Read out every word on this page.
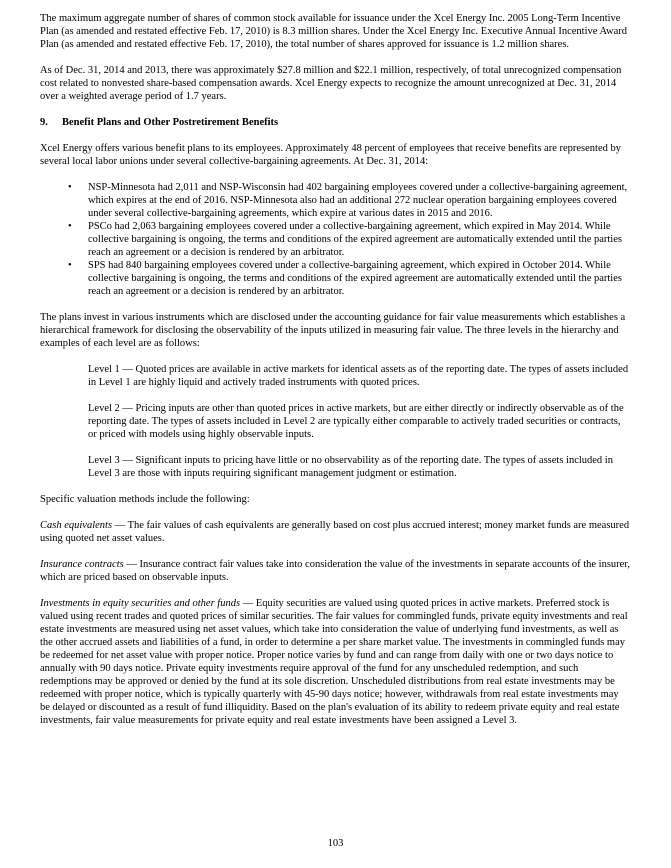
The maximum aggregate number of shares of common stock available for issuance under the Xcel Energy Inc. 2005 Long-Term Incentive Plan (as amended and restated effective Feb. 17, 2010) is 8.3 million shares. Under the Xcel Energy Inc. Executive Annual Incentive Award Plan (as amended and restated effective Feb. 17, 2010), the total number of shares approved for issuance is 1.2 million shares.

As of Dec. 31, 2014 and 2013, there was approximately $27.8 million and $22.1 million, respectively, of total unrecognized compensation cost related to nonvested share-based compensation awards. Xcel Energy expects to recognize the amount unrecognized at Dec. 31, 2014 over a weighted average period of 1.7 years.

9. Benefit Plans and Other Postretirement Benefits

Xcel Energy offers various benefit plans to its employees. Approximately 48 percent of employees that receive benefits are represented by several local labor unions under several collective-bargaining agreements. At Dec. 31, 2014:

•	NSP-Minnesota had 2,011 and NSP-Wisconsin had 402 bargaining employees covered under a collective-bargaining agreement, which expires at the end of 2016. NSP-Minnesota also had an additional 272 nuclear operation bargaining employees covered under several collective-bargaining agreements, which expire at various dates in 2015 and 2016.
•	PSCo had 2,063 bargaining employees covered under a collective-bargaining agreement, which expired in May 2014. While collective bargaining is ongoing, the terms and conditions of the expired agreement are automatically extended until the parties reach an agreement or a decision is rendered by an arbitrator.
•	SPS had 840 bargaining employees covered under a collective-bargaining agreement, which expired in October 2014. While collective bargaining is ongoing, the terms and conditions of the expired agreement are automatically extended until the parties reach an agreement or a decision is rendered by an arbitrator.

The plans invest in various instruments which are disclosed under the accounting guidance for fair value measurements which establishes a hierarchical framework for disclosing the observability of the inputs utilized in measuring fair value. The three levels in the hierarchy and examples of each level are as follows:

Level 1 — Quoted prices are available in active markets for identical assets as of the reporting date. The types of assets included in Level 1 are highly liquid and actively traded instruments with quoted prices.

Level 2 — Pricing inputs are other than quoted prices in active markets, but are either directly or indirectly observable as of the reporting date. The types of assets included in Level 2 are typically either comparable to actively traded securities or contracts, or priced with models using highly observable inputs.

Level 3 — Significant inputs to pricing have little or no observability as of the reporting date. The types of assets included in Level 3 are those with inputs requiring significant management judgment or estimation.

Specific valuation methods include the following:

Cash equivalents — The fair values of cash equivalents are generally based on cost plus accrued interest; money market funds are measured using quoted net asset values.

Insurance contracts — Insurance contract fair values take into consideration the value of the investments in separate accounts of the insurer, which are priced based on observable inputs.

Investments in equity securities and other funds — Equity securities are valued using quoted prices in active markets. Preferred stock is valued using recent trades and quoted prices of similar securities. The fair values for commingled funds, private equity investments and real estate investments are measured using net asset values, which take into consideration the value of underlying fund investments, as well as the other accrued assets and liabilities of a fund, in order to determine a per share market value. The investments in commingled funds may be redeemed for net asset value with proper notice. Proper notice varies by fund and can range from daily with one or two days notice to annually with 90 days notice. Private equity investments require approval of the fund for any unscheduled redemption, and such redemptions may be approved or denied by the fund at its sole discretion. Unscheduled distributions from real estate investments may be redeemed with proper notice, which is typically quarterly with 45-90 days notice; however, withdrawals from real estate investments may be delayed or discounted as a result of fund illiquidity. Based on the plan's evaluation of its ability to redeem private equity and real estate investments, fair value measurements for private equity and real estate investments have been assigned a Level 3.

103
